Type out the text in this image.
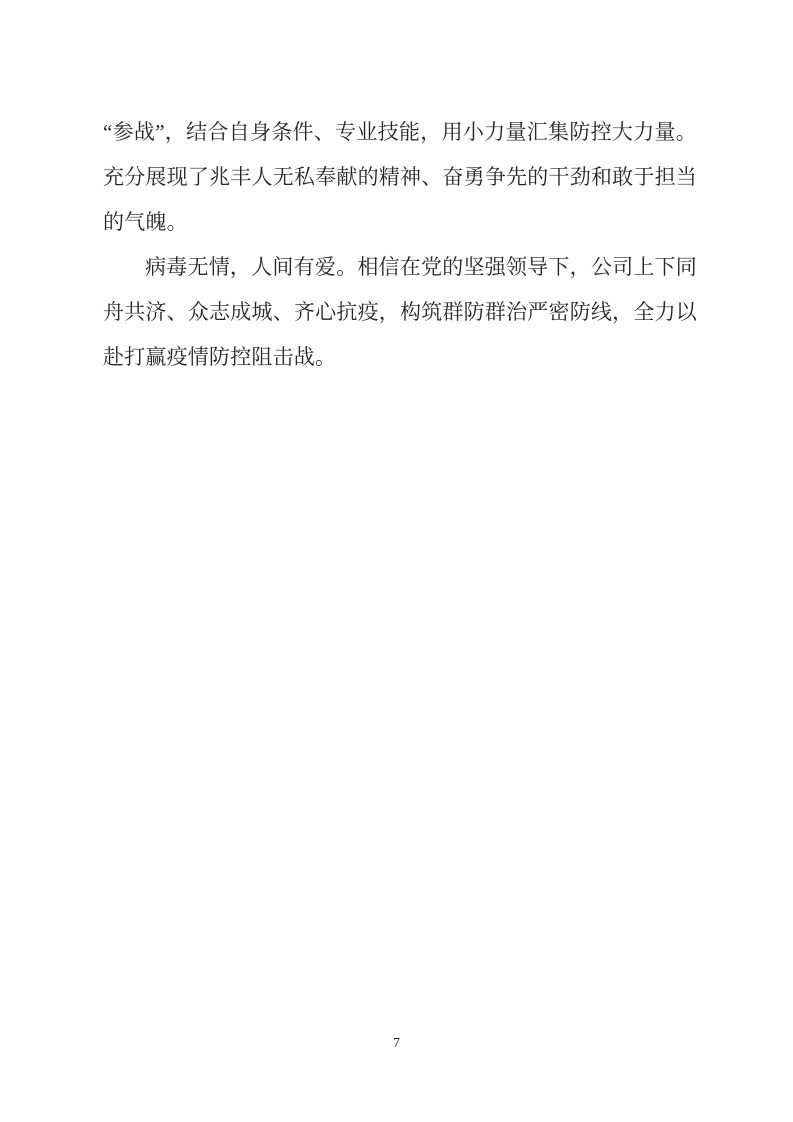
“参战”，结合自身条件、专业技能，用小力量汇集防控大力量。充分展现了兆丰人无私奉献的精神、奋勇争先的干劲和敢于担当的气魄。

病毒无情，人间有爱。相信在党的坚强领导下，公司上下同舟共济、众志成城、齐心抗疫，构筑群防群治严密防线，全力以赴打赢疫情防控阻击战。

7
